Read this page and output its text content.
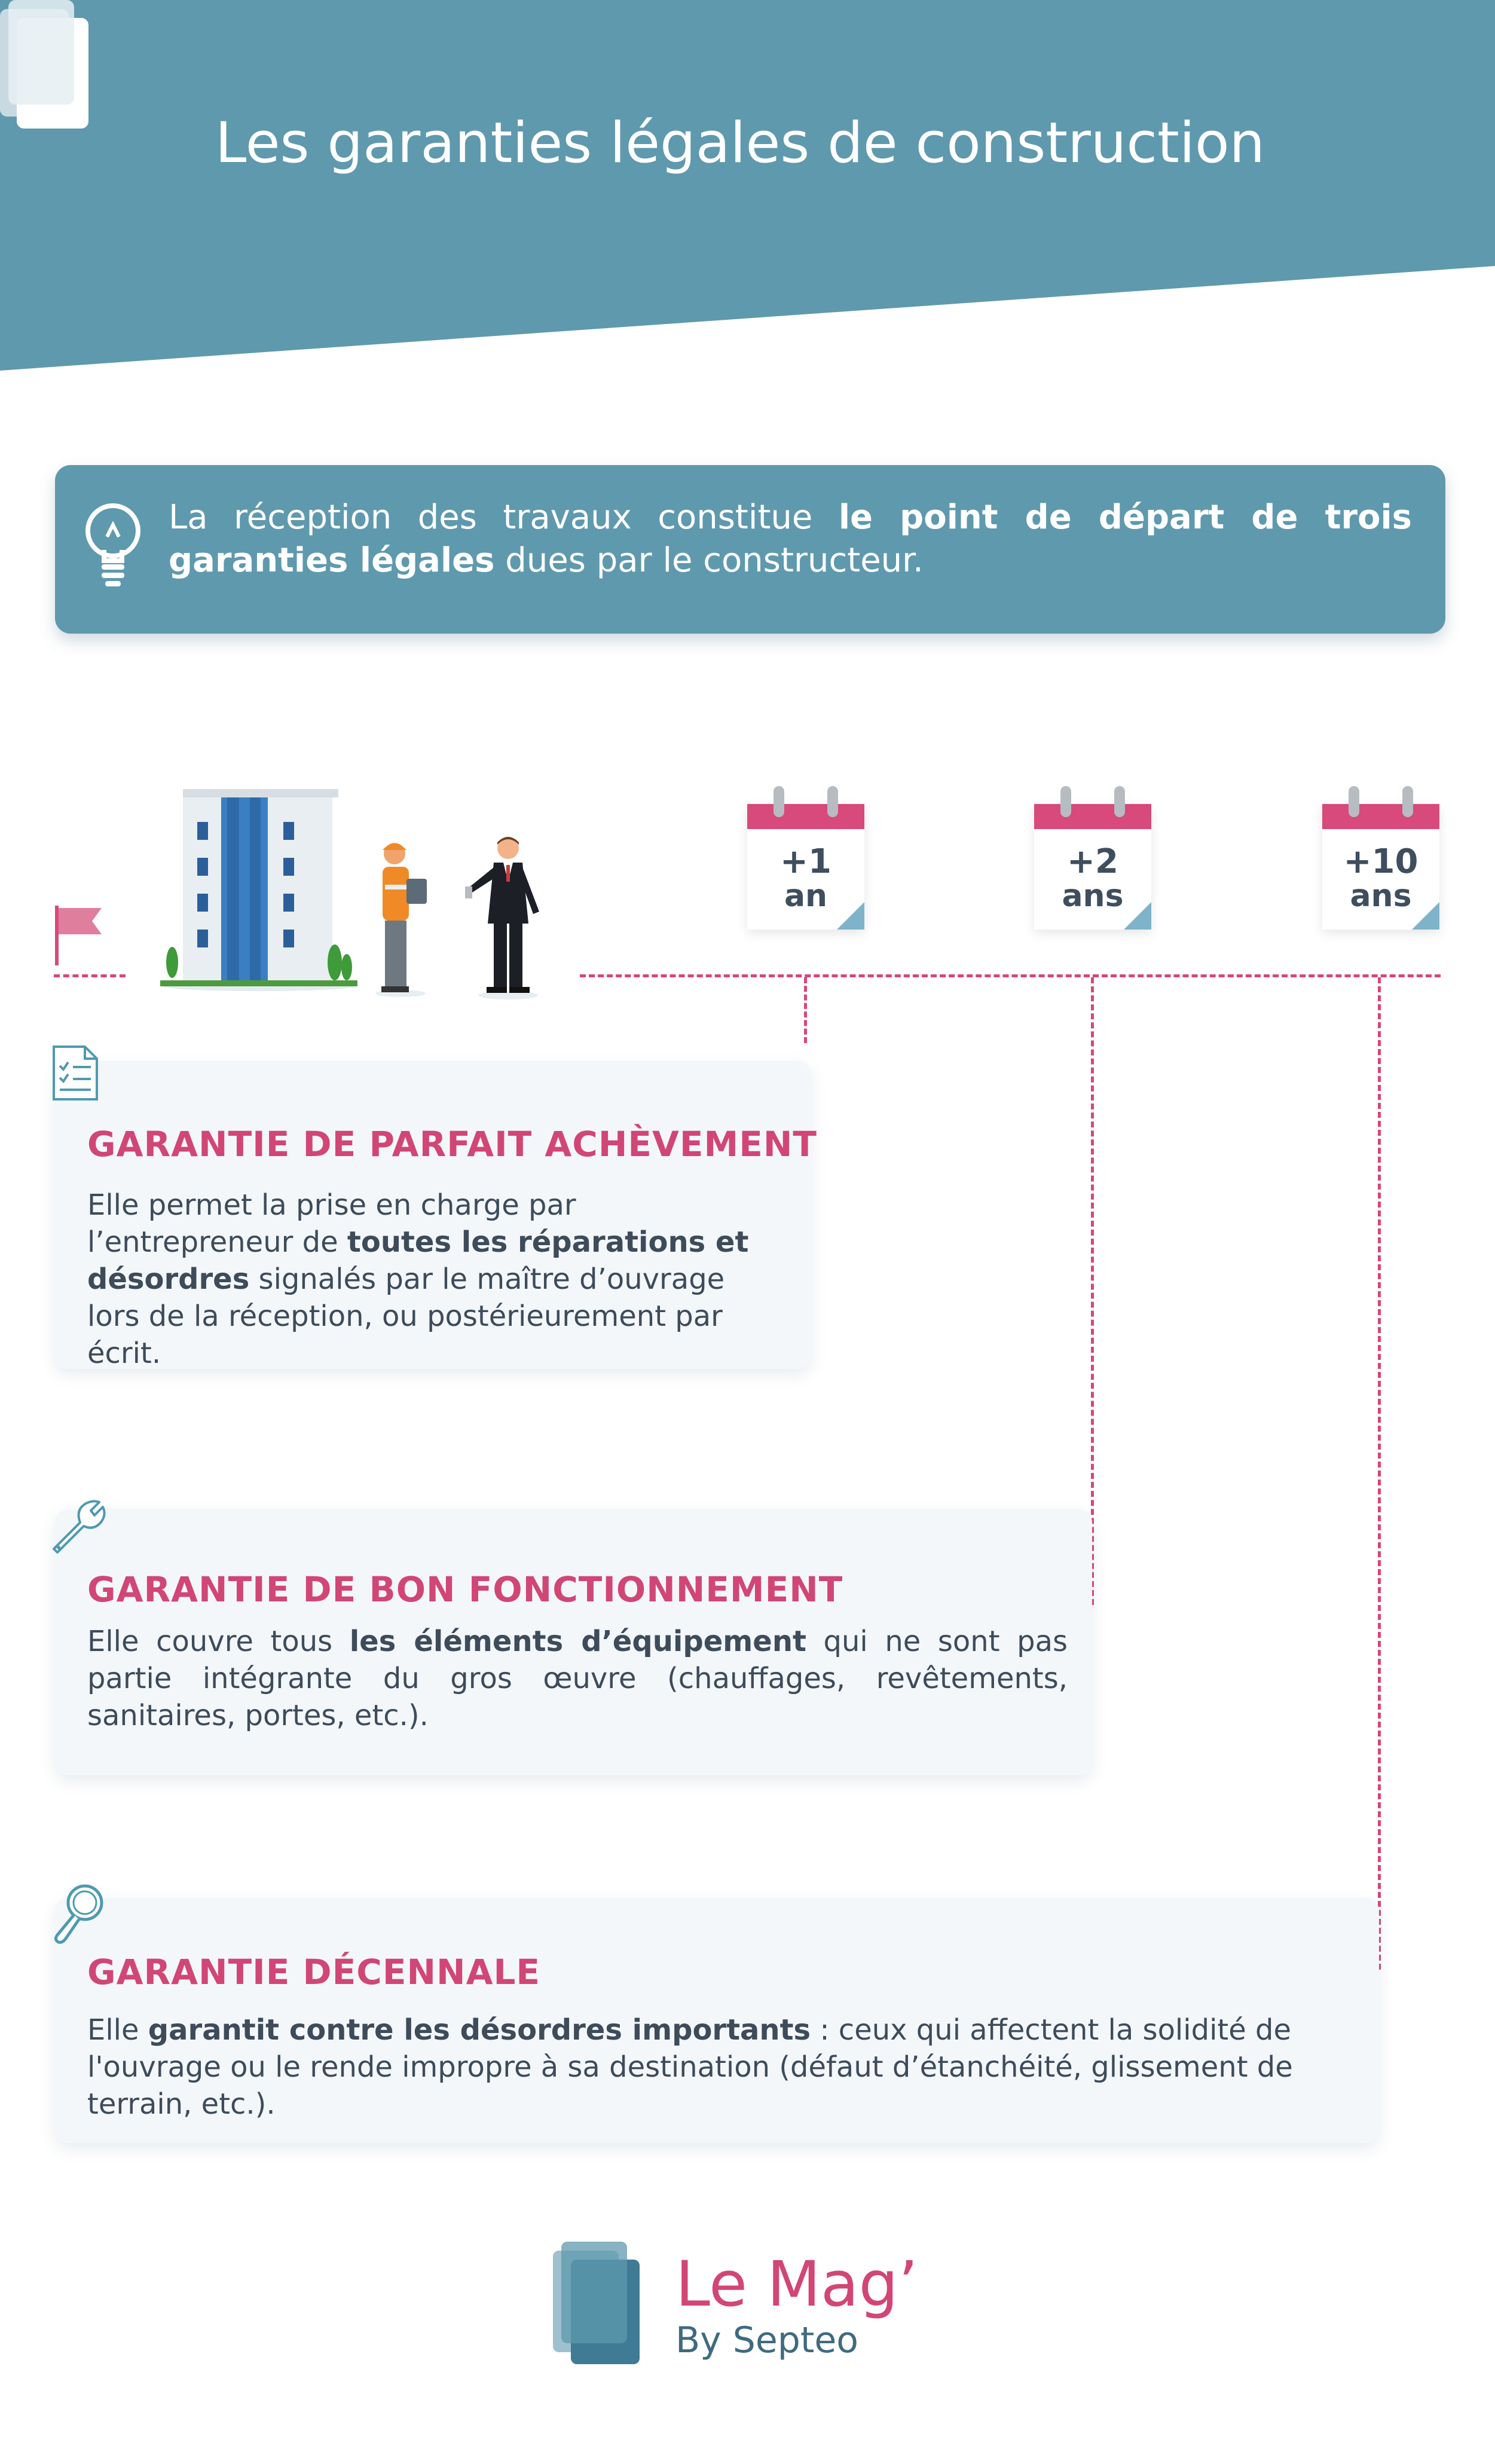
Les garanties légales de construction
La réception des travaux constitue le point de départ de trois garanties légales dues par le constructeur.
+1
an
+2
ans
+10
ans
GARANTIE DE PARFAIT ACHÈVEMENT
Elle permet la prise en charge par l’entrepreneur de toutes les réparations et désordres signalés par le maître d’ouvrage lors de la réception, ou postérieurement par écrit.
GARANTIE DE BON FONCTIONNEMENT
Elle couvre tous les éléments d’équipement qui ne sont pas partie intégrante du gros œuvre (chauffages, revêtements, sanitaires, portes, etc.).
GARANTIE DÉCENNALE
Elle garantit contre les désordres importants : ceux qui affectent la solidité de l'ouvrage ou le rende impropre à sa destination (défaut d’étanchéité, glissement de terrain, etc.).
Le Mag’
By Septeo
